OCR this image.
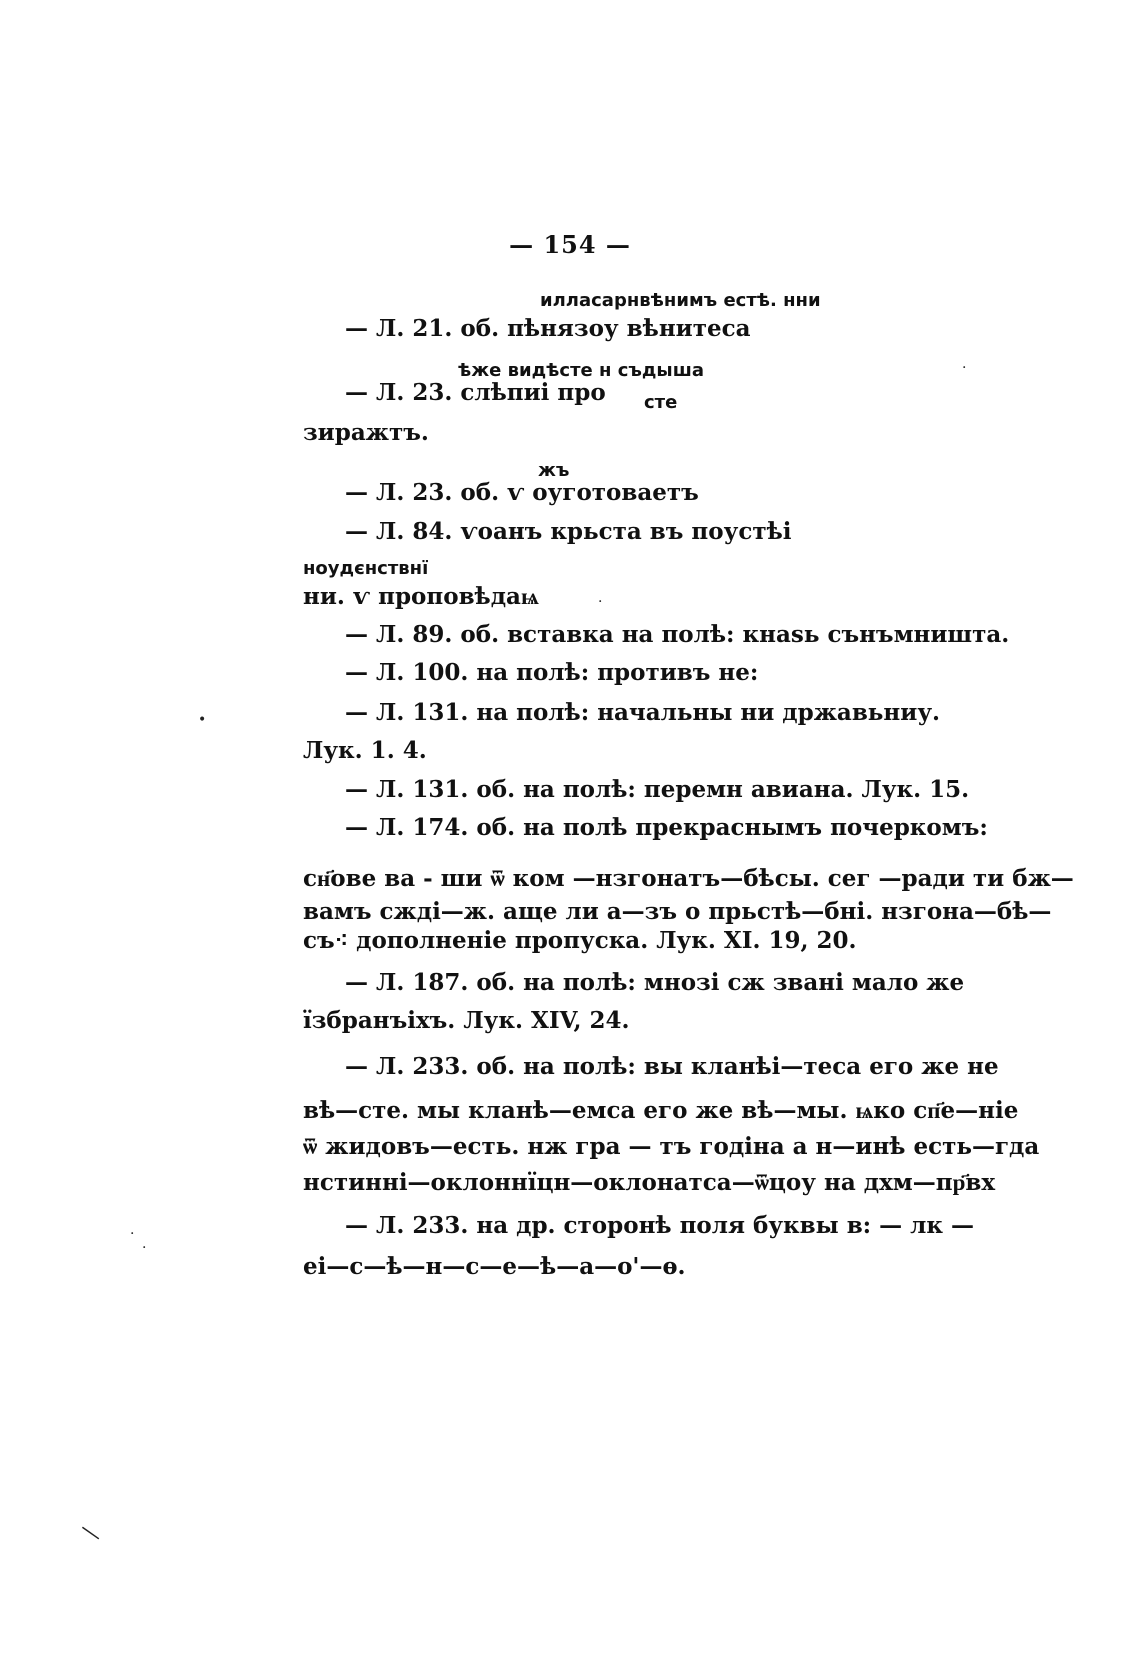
— 154 —
илласарнвѣнимъ естѣ. нни
ѣже видѣсте н съдыша
сте
жъ
ноудєнствнї

— Л. 21. об. пѣнязоу вѣнитеса

— Л. 23. слѣпиі про

зиражтъ.

— Л. 23. об. ѵ оуготоваетъ

— Л. 84. ѵоанъ крьста въ поустѣі

ни. ѵ проповѣдаѩ

— Л. 89. об. вставка на полѣ: кнаѕь сънъмништа.

— Л. 100. на полѣ: противъ не:

— Л. 131. на полѣ: начальны ни државьниу.

Лук. 1. 4.

— Л. 131. об. на полѣ: перемн авиана. Лук. 15.

— Л. 174. об. на полѣ прекраснымъ почеркомъ:

сн҃ове ва - ши ѿ ком —нзгонатъ—бѣсы. сег —ради ти бж—

вамъ сжді—ж. аще ли а—зъ о прьстѣ—бні. нзгона—бѣ—

съ⁖ дополненіе пропуска. Лук. XI. 19, 20.

— Л. 187. об. на полѣ: мнозі сж звані мало же

їзбранъіхъ. Лук. XIV, 24.

— Л. 233. об. на полѣ: вы кланѣі—теса его же не

вѣ—сте. мы кланѣ—емса его же вѣ—мы. ѩко сп҃е—ніе

ѿ жидовъ—есть. нж гра — тъ годіна а н—инѣ есть—гда

нстинні—оклоннїцн—оклонатса—ѿцоу на дхм—пр҃вх

— Л. 233. на др. сторонѣ поля буквы в: — лк —

еі—с—ѣ—н—с—е—ѣ—а—о'—ѳ.

•
·
·
·
·
—
